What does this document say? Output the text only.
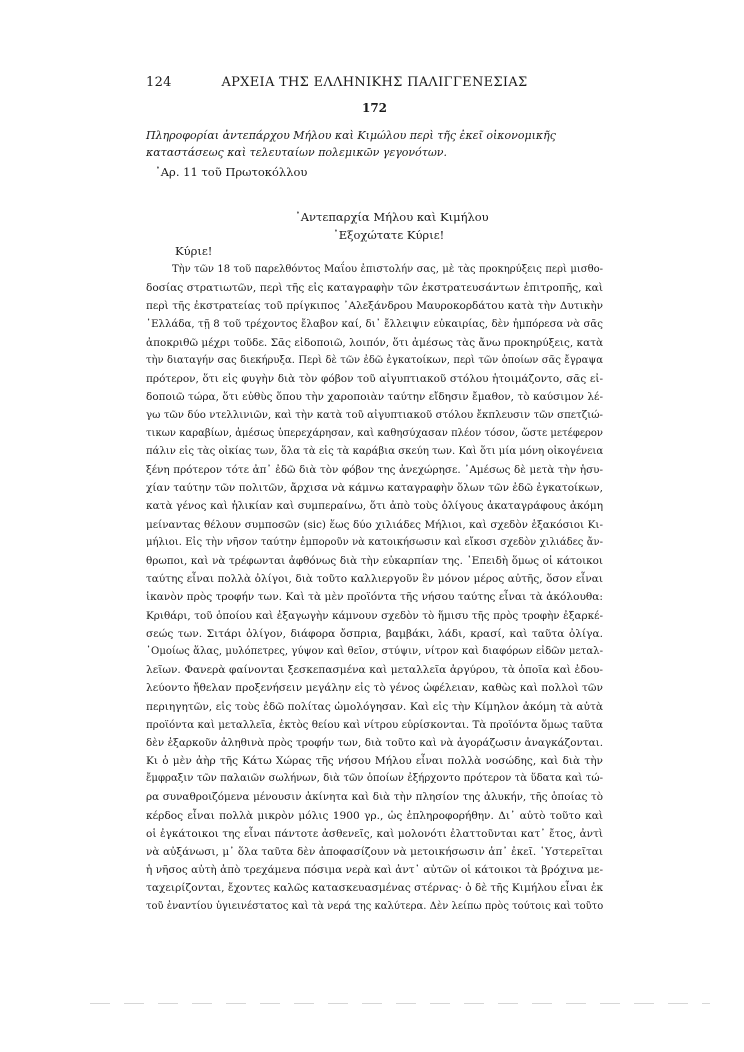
124	ΑΡΧΕΙΑ ΤΗΣ ΕΛΛΗΝΙΚΗΣ ΠΑΛΙΓΓΕΝΕΣΙΑΣ
172
Πληροφορίαι ἀντεπάρχου Μήλου καὶ Κιμώλου περὶ τῆς ἐκεῖ οἰκονομικῆς καταστάσεως καὶ τελευταίων πολεμικῶν γεγονότων.
᾽Αρ. 11 τοῦ Πρωτοκόλλου
᾽Αντεπαρχία Μήλου καὶ Κιμήλου
᾽Εξοχώτατε Κύριε!
Κύριε!
Τὴν τῶν 18 τοῦ παρελθόντος Μαΐου ἐπιστολήν σας, μὲ τὰς προκηρύξεις περὶ μισθο-
δοσίας στρατιωτῶν, περὶ τῆς εἰς καταγραφὴν τῶν ἐκστρατευσάντων ἐπιτροπῆς, καὶ
περὶ τῆς ἐκστρατείας τοῦ πρίγκιπος ᾽Αλεξάνδρου Μαυροκορδάτου κατὰ τὴν Δυτικὴν
῾Ελλάδα, τῇ 8 τοῦ τρέχοντος ἔλαβον καί, δι᾽ ἔλλειψιν εὐκαιρίας, δὲν ἠμπόρεσα νὰ σᾶς
ἀποκριθῶ μέχρι τοῦδε. Σᾶς εἰδοποιῶ, λοιπόν, ὅτι ἀμέσως τὰς ἄνω προκηρύξεις, κατὰ
τὴν διαταγήν σας διεκήρυξα. Περὶ δὲ τῶν ἐδῶ ἐγκατοίκων, περὶ τῶν ὁποίων σᾶς ἔγραψα
πρότερον, ὅτι εἰς φυγὴν διὰ τὸν φόβον τοῦ αἰγυπτιακοῦ στόλου ἡτοιμάζοντο, σᾶς εἰ-
δοποιῶ τώρα, ὅτι εὐθὺς ὅπου τὴν χαροποιὰν ταύτην εἴδησιν ἔμαθον, τὸ καύσιμον λέ-
γω τῶν δύο ντελλινιῶν, καὶ τὴν κατὰ τοῦ αἰγυπτιακοῦ στόλου ἔκπλευσιν τῶν σπετζιώ-
τικων καραβίων, ἀμέσως ὑπερεχάρησαν, καὶ καθησύχασαν πλέον τόσον, ὥστε μετέφερον
πάλιν εἰς τὰς οἰκίας των, ὅλα τὰ εἰς τὰ καράβια σκεύη των. Καὶ ὅτι μία μόνη οἰκογένεια
ξένη πρότερον τότε ἀπ᾽ ἐδῶ διὰ τὸν φόβον της ἀνεχώρησε. ᾽Αμέσως δὲ μετὰ τὴν ἡσυ-
χίαν ταύτην τῶν πολιτῶν, ἄρχισα νὰ κάμνω καταγραφὴν ὅλων τῶν ἐδῶ ἐγκατοίκων,
κατὰ γένος καὶ ἡλικίαν καὶ συμπεραίνω, ὅτι ἀπὸ τοὺς ὀλίγους ἀκαταγράφους ἀκόμη
μείναντας θέλουν συμποσῶν (sic) ἕως δύο χιλιάδες Μήλιοι, καὶ σχεδὸν ἑξακόσιοι Κι-
μήλιοι. Εἰς τὴν νῆσον ταύτην ἐμποροῦν νὰ κατοικήσωσιν καὶ εἴκοσι σχεδὸν χιλιάδες ἄν-
θρωποι, καὶ νὰ τρέφωνται ἀφθόνως διὰ τὴν εὐκαρπίαν της. ᾽Επειδὴ ὅμως οἱ κάτοικοι
ταύτης εἶναι πολλὰ ὀλίγοι, διὰ τοῦτο καλλιεργοῦν ἓν μόνον μέρος αὐτῆς, ὅσον εἶναι
ἱκανὸν πρὸς τροφήν των. Καὶ τὰ μὲν προϊόντα τῆς νήσου ταύτης εἶναι τὰ ἀκόλουθα:
Κριθάρι, τοῦ ὁποίου καὶ ἐξαγωγὴν κάμνουν σχεδὸν τὸ ἥμισυ τῆς πρὸς τροφὴν ἐξαρκέ-
σεώς των. Σιτάρι ὀλίγον, διάφορα ὄσπρια, βαμβάκι, λάδι, κρασί, καὶ ταῦτα ὀλίγα.
῾Ομοίως ἅλας, μυλόπετρες, γύψον καὶ θεῖον, στύψιν, νίτρον καὶ διαφόρων εἰδῶν μεταλ-
λεῖων. Φανερὰ φαίνονται ξεσκεπασμένα καὶ μεταλλεῖα ἀργύρου, τὰ ὁποῖα καὶ ἐδου-
λεύοντο ἤθελαν προξενήσειν μεγάλην εἰς τὸ γένος ὠφέλειαν, καθὼς καὶ πολλοὶ τῶν
περιηγητῶν, εἰς τοὺς ἐδῶ πολίτας ὡμολόγησαν. Καὶ εἰς τὴν Κίμηλον ἀκόμη τὰ αὐτὰ
προϊόντα καὶ μεταλλεῖα, ἐκτὸς θείου καὶ νίτρου εὑρίσκονται. Τὰ προϊόντα ὅμως ταῦτα
δὲν ἐξαρκοῦν ἀληθινὰ πρὸς τροφήν των, διὰ τοῦτο καὶ νὰ ἀγοράζωσιν ἀναγκάζονται.
Κι ὁ μὲν ἀὴρ τῆς Κάτω Χώρας τῆς νήσου Μήλου εἶναι πολλὰ νοσώδης, καὶ διὰ τὴν
ἔμφραξιν τῶν παλαιῶν σωλήνων, διὰ τῶν ὁποίων ἐξήρχοντο πρότερον τὰ ὕδατα καὶ τώ-
ρα συναθροιζόμενα μένουσιν ἀκίνητα καὶ διὰ τὴν πλησίον της ἁλυκήν, τῆς ὁποίας τὸ
κέρδος εἶναι πολλὰ μικρὸν μόλις 1900 γρ., ὡς ἐπληροφορήθην. Δι᾽ αὐτὸ τοῦτο καὶ
οἱ ἐγκάτοικοι της εἶναι πάντοτε ἀσθενεῖς, καὶ μολονότι ἐλαττοῦνται κατ᾽ ἔτος, ἀντὶ
νὰ αὐξάνωσι, μ᾽ ὅλα ταῦτα δὲν ἀποφασίζουν νὰ μετοικήσωσιν ἀπ᾽ ἐκεῖ. ῾Υστερεῖται
ἡ νῆσος αὐτὴ ἀπὸ τρεχάμενα πόσιμα νερὰ καὶ ἀντ᾽ αὐτῶν οἱ κάτοικοι τὰ βρόχινα με-
ταχειρίζονται, ἔχοντες καλῶς κατασκευασμένας στέρνας· ὁ δὲ τῆς Κιμήλου εἶναι ἐκ
τοῦ ἐναντίου ὑγιεινέστατος καὶ τὰ νερά της καλύτερα. Δὲν λείπω πρὸς τούτοις καὶ τοῦτο
